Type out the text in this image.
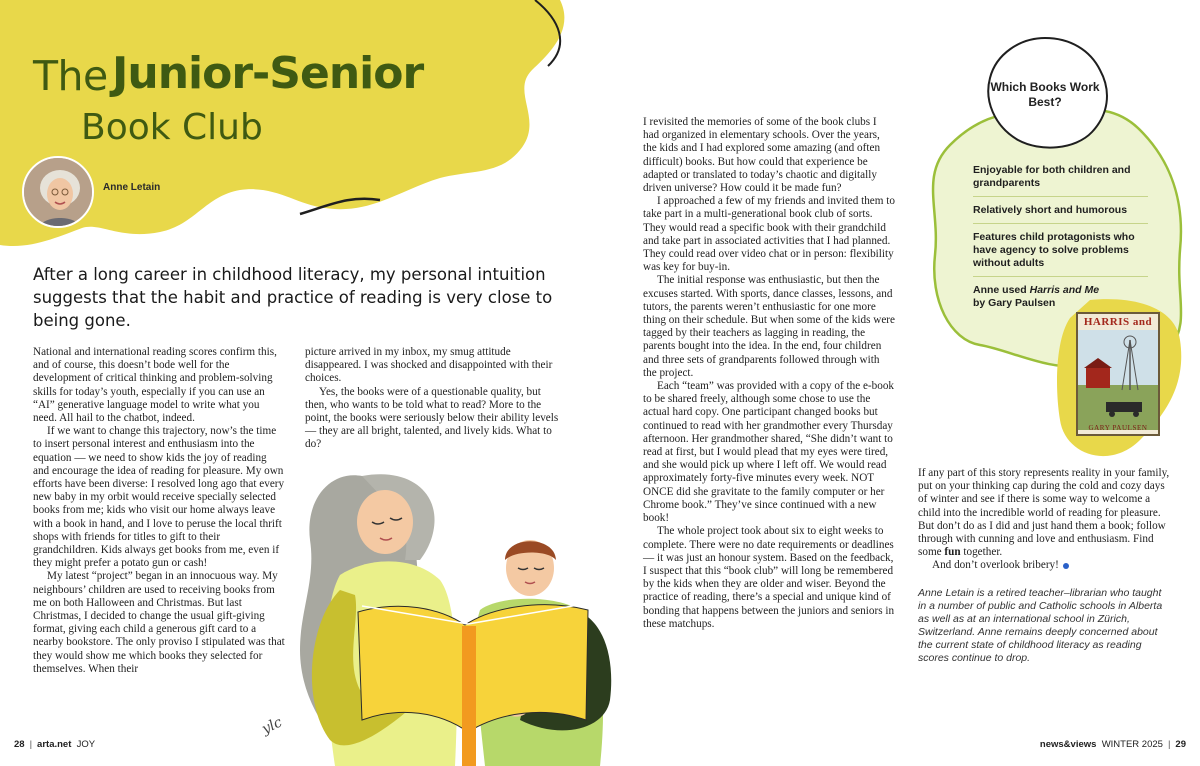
The Junior-Senior
Book Club
Anne Letain
After a long career in childhood literacy, my personal intuition suggests that the habit and practice of reading is very close to being gone.

National and international reading scores confirm this, and of course, this doesn’t bode well for the development of critical thinking and problem-solving skills for today’s youth, especially if you can use an “AI” generative language model to write what you need. All hail to the chatbot, indeed.

If we want to change this trajectory, now’s the time to insert personal interest and enthusiasm into the equation — we need to show kids the joy of reading and encourage the idea of reading for pleasure. My own efforts have been diverse: I resolved long ago that every new baby in my orbit would receive specially selected books from me; kids who visit our home always leave with a book in hand, and I love to peruse the local thrift shops with friends for titles to gift to their grandchildren. Kids always get books from me, even if they might prefer a potato gun or cash!

My latest “project” began in an innocuous way. My neighbours’ children are used to receiving books from me on both Halloween and Christmas. But last Christmas, I decided to change the usual gift-giving format, giving each child a generous gift card to a nearby bookstore. The only proviso I stipulated was that they would show me which books they selected for themselves. When their

picture arrived in my inbox, my smug attitude disappeared. I was shocked and disappointed with their choices.

Yes, the books were of a questionable quality, but then, who wants to be told what to read? More to the point, the books were seriously below their ability levels — they are all bright, talented, and lively kids. What to do?

I revisited the memories of some of the book clubs I had organized in elementary schools. Over the years, the kids and I had explored some amazing (and often difficult) books. But how could that experience be adapted or translated to today’s chaotic and digitally driven universe? How could it be made fun?

I approached a few of my friends and invited them to take part in a multi-generational book club of sorts. They would read a specific book with their grandchild and take part in associated activities that I had planned. They could read over video chat or in person: flexibility was key for buy-in.

The initial response was enthusiastic, but then the excuses started. With sports, dance classes, lessons, and tutors, the parents weren’t enthusiastic for one more thing on their schedule. But when some of the kids were tagged by their teachers as lagging in reading, the parents bought into the idea. In the end, four children and three sets of grandparents followed through with the project.

Each “team” was provided with a copy of the e-book to be shared freely, although some chose to use the actual hard copy. One participant changed books but continued to read with her grandmother every Thursday afternoon. Her grandmother shared, “She didn’t want to read at first, but I would plead that my eyes were tired, and she would pick up where I left off. We would read approximately forty-five minutes every week. NOT ONCE did she gravitate to the family computer or her Chrome book.” They’ve since continued with a new book!

The whole project took about six to eight weeks to complete. There were no date requirements or deadlines — it was just an honour system. Based on the feedback, I suspect that this “book club” will long be remembered by the kids when they are older and wiser. Beyond the practice of reading, there’s a special and unique kind of bonding that happens between the juniors and seniors in these matchups.

If any part of this story represents reality in your family, put on your thinking cap during the cold and cozy days of winter and see if there is some way to welcome a child into the incredible world of reading for pleasure. But don’t do as I did and just hand them a book; follow through with cunning and love and enthusiasm. Find some fun together.

And don’t overlook bribery!

Anne Letain is a retired teacher–librarian who taught in a number of public and Catholic schools in Alberta as well as at an international school in Zürich, Switzerland. Anne remains deeply concerned about the current state of childhood literacy as reading scores continue to drop.

Which Books Work Best?
Enjoyable for both children and grandparents
Relatively short and humorous
Features child protagonists who have agency to solve problems without adults
Anne used Harris and Me
by Gary Paulsen
HARRIS and
GARY PAULSEN
ylc
28 | arta.net JOY	news&views WINTER 2025 | 29
